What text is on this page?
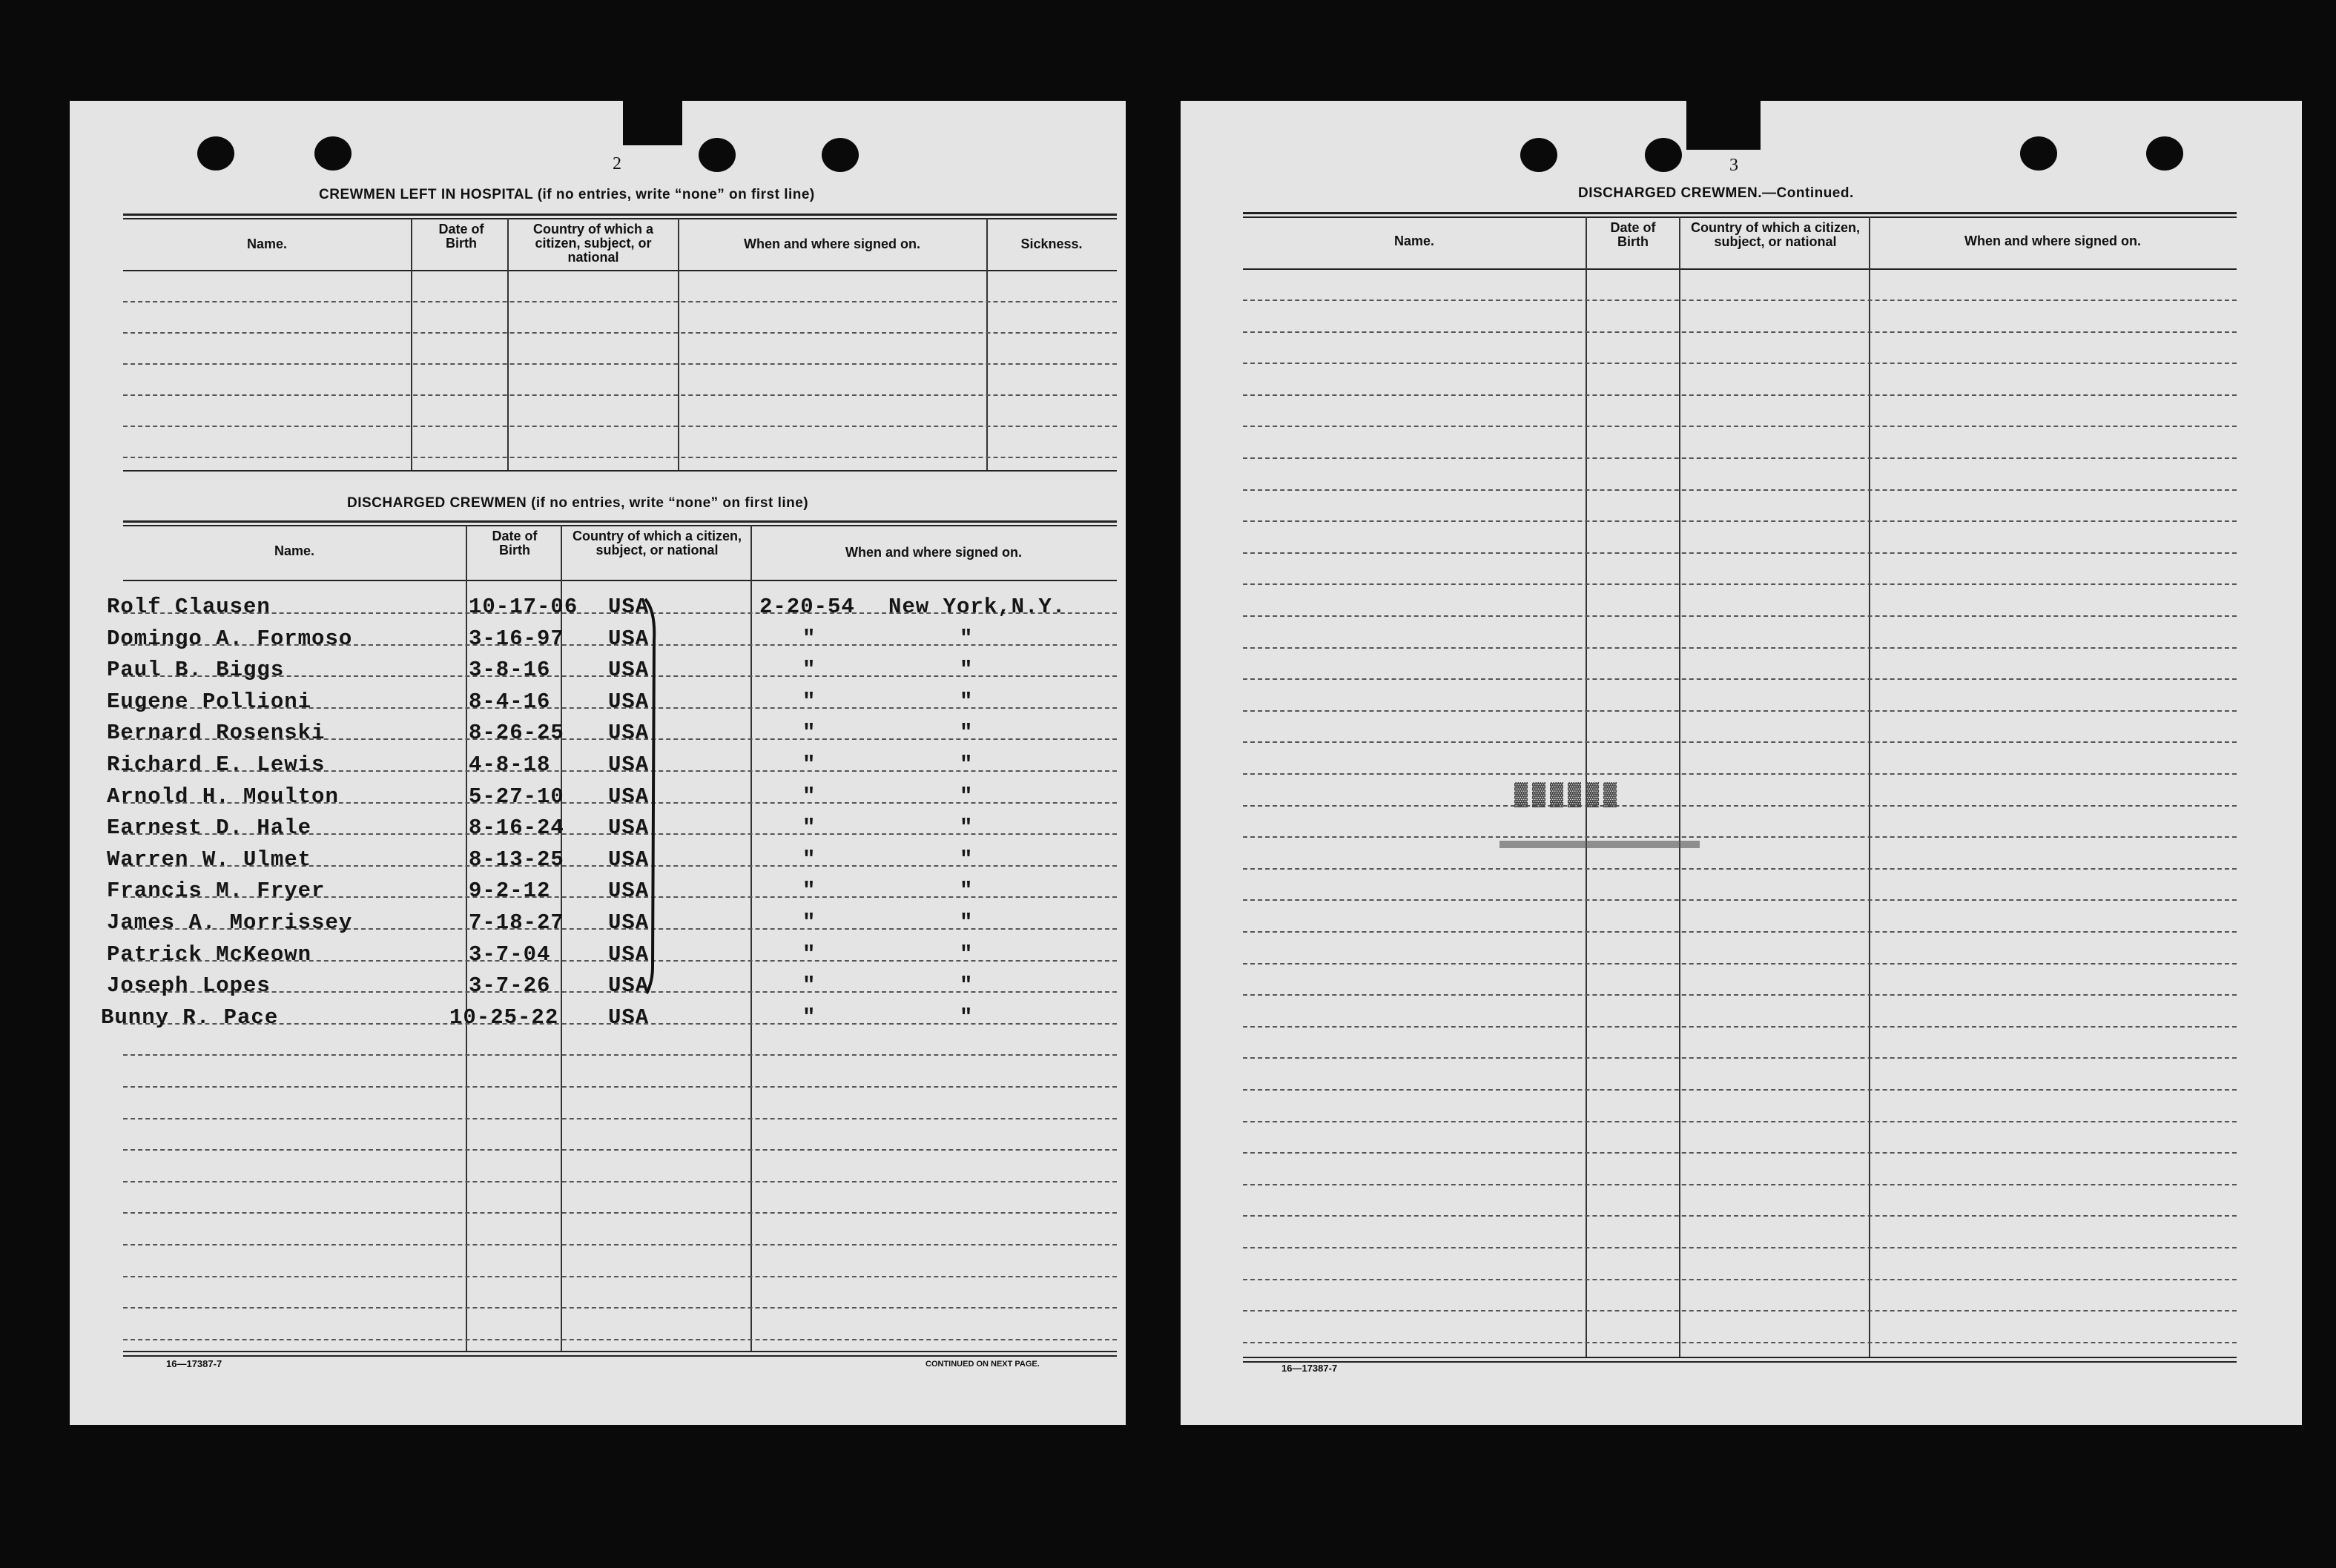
2
CREWMEN LEFT IN HOSPITAL (if no entries, write “none” on first line)
Name.
Date of Birth
Country of which a citizen, subject, or national
When and where signed on.	Sickness.
DISCHARGED CREWMEN (if no entries, write “none” on first line)
Name.
Date of Birth
Country of which a citizen, subject, or national	When and where signed on.
Rolf Clausen	10-17-06 USA	2-20-54 New York,N.Y.
Domingo A. Formoso	3-16-97 USA	"	"
Paul B. Biggs	3-8-16	USA	"	"
Eugene Pollioni	8-4-16	USA	"	"
Bernard Rosenski	8-26-25 USA	"	"
Richard E. Lewis	4-8-18	USA	"	"
Arnold H. Moulton	5-27-10 USA	"	"
Earnest D. Hale	8-16-24 USA	"	"
Warren W. Ulmet	8-13-25 USA	"	"
Francis M. Fryer	9-2-12	USA	"	"
James A. Morrissey	7-18-27 USA	"	"
Patrick McKeown	3-7-04	USA	"	"
Joseph Lopes	3-7-26	USA	"	"
Bunny R. Pace	10-25-22 USA	"	"
16—17387-7	CONTINUED ON NEXT PAGE.
3
DISCHARGED CREWMEN.—Continued.
Name.
Date of Birth
Country of which a citizen, subject, or national	When and where signed on.
▓▓▓▓▓▓
16—17387-7
